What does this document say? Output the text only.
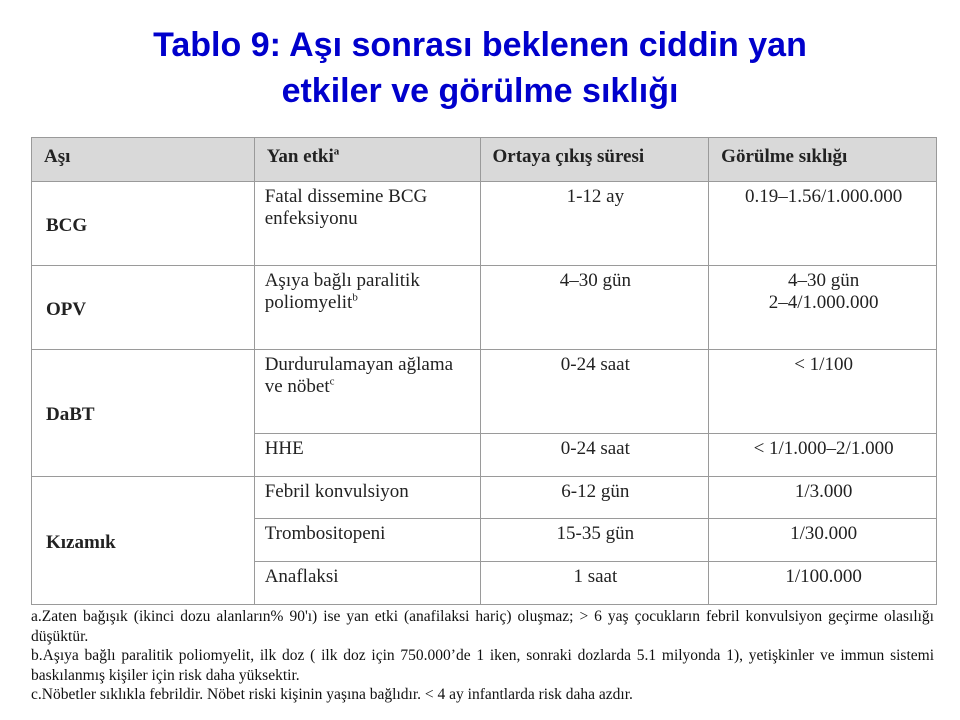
Tablo 9: Aşı sonrası beklenen ciddin yan
etkiler ve görülme sıklığı
Aşı	Yan etki$^a$	Ortaya çıkış süresi	Görülme sıklığı
BCG	Fatal dissemine BCG enfeksiyonu	1-12 ay	0.19–1.56/1.000.000
OPV	Aşıya bağlı paralitik poliomyelit$^b$	4–30 gün	4–30 gün
2–4/1.000.000

DaBT	Durdurulamayan ağlama ve nöbet$^c$	0-24 saat	< 1/100
	HHE	0-24 saat	< 1/1.000–2/1.000
Kızamık	Febril konvulsiyon	6-12 gün	1/3.000
	Trombositopeni	15-35 gün	1/30.000
	Anaflaksi	1 saat	1/100.000

a.Zaten bağışık (ikinci dozu alanların% 90'ı) ise yan etki (anafilaksi hariç) oluşmaz; > 6 yaş çocukların febril konvulsiyon geçirme olasılığı düşüktür.

b.Aşıya bağlı paralitik poliomyelit, ilk doz ( ilk doz için 750.000’de 1 iken, sonraki dozlarda 5.1 milyonda 1), yetişkinler ve immun sistemi baskılanmış kişiler için risk daha yüksektir.

c.Nöbetler sıklıkla febrildir. Nöbet riski kişinin yaşına bağlıdır. < 4 ay infantlarda risk daha azdır.
